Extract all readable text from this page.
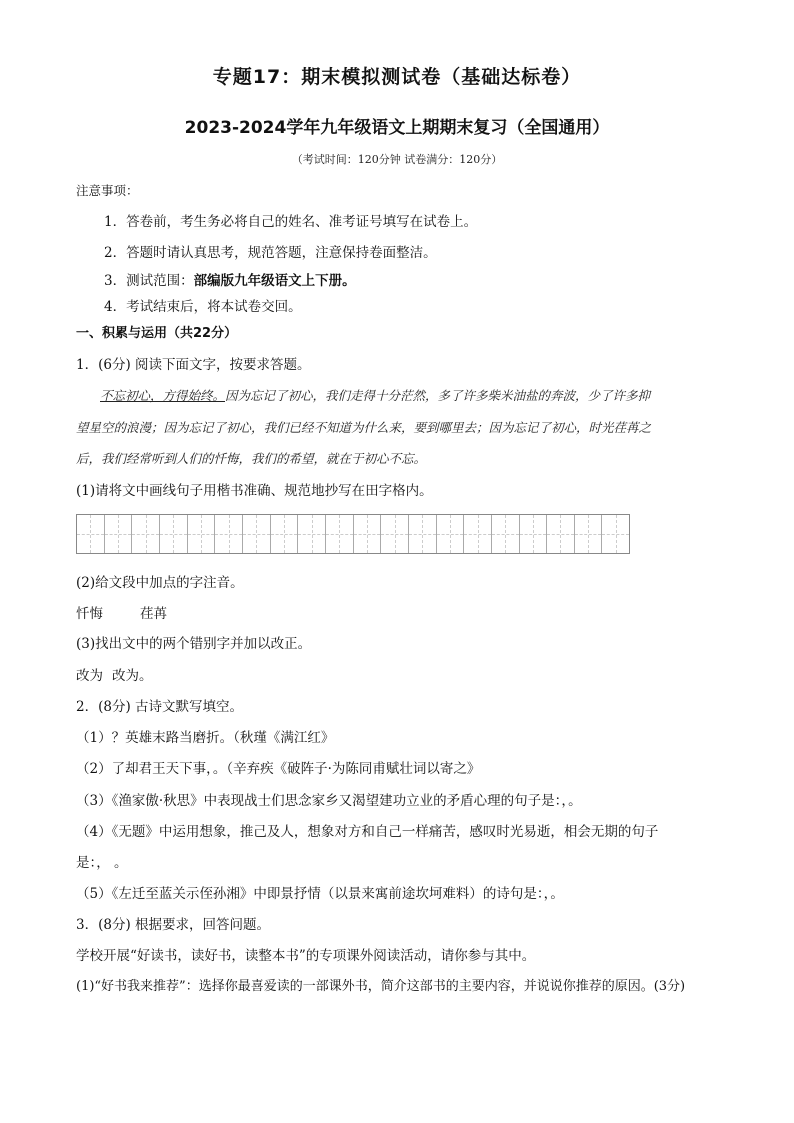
专题17：期末模拟测试卷（基础达标卷）
2023-2024学年九年级语文上期期末复习（全国通用）
（考试时间：120分钟 试卷满分：120分）
注意事项：
1．答卷前，考生务必将自己的姓名、准考证号填写在试卷上。
2．答题时请认真思考，规范答题，注意保持卷面整洁。
3．测试范围：部编版九年级语文上下册。
4．考试结束后，将本试卷交回。
一、积累与运用（共22分）
1．(6分) 阅读下面文字，按要求答题。
不忘初心，方得始终。因为忘记了初心，我们走得十分茫然，多了许多柴米油盐的奔波，少了许多抑
望星空的浪漫；因为忘记了初心，我们已经不知道为什么来，要到哪里去；因为忘记了初心，时光荏苒之
后，我们经常听到人们的忏悔，我们的希望，就在于初心不忘。
(1)请将文中画线句子用楷书准确、规范地抄写在田字格内。
(2)给文段中加点的字注音。
忏悔	荏苒
(3)找出文中的两个错别字并加以改正。
改为 改为。
2．(8分) 古诗文默写填空。
（1）？英雄末路当磨折。（秋瑾《满江红》
（2）了却君王天下事，。（辛弃疾《破阵子·为陈同甫赋壮词以寄之》
（3）《渔家傲·秋思》中表现战士们思念家乡又渴望建功立业的矛盾心理的句子是：，。
（4）《无题》中运用想象，推己及人，想象对方和自己一样痛苦，感叹时光易逝，相会无期的句子
是：， 。
（5）《左迁至蓝关示侄孙湘》中即景抒情（以景来寓前途坎坷难料）的诗句是：，。
3．(8分) 根据要求，回答问题。
学校开展“好读书，读好书，读整本书”的专项课外阅读活动，请你参与其中。
(1)“好书我来推荐”：选择你最喜爱读的一部课外书，简介这部书的主要内容，并说说你推荐的原因。(3分)
